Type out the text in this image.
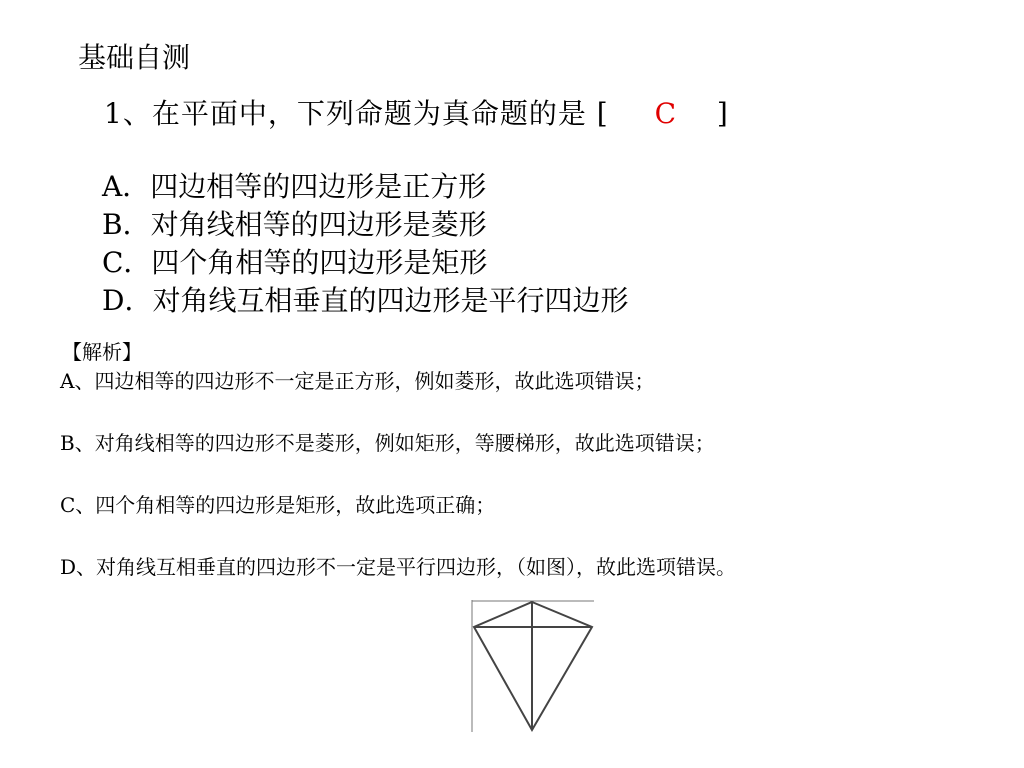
基础自测
1、在平面中，下列命题为真命题的是 [ C ]
A．四边相等的四边形是正方形
B．对角线相等的四边形是菱形
C．四个角相等的四边形是矩形
D．对角线互相垂直的四边形是平行四边形
【解析】

A、四边相等的四边形不一定是正方形，例如菱形，故此选项错误；

B、对角线相等的四边形不是菱形，例如矩形，等腰梯形，故此选项错误；

C、四个角相等的四边形是矩形，故此选项正确；

D、对角线互相垂直的四边形不一定是平行四边形，（如图），故此选项错误。
